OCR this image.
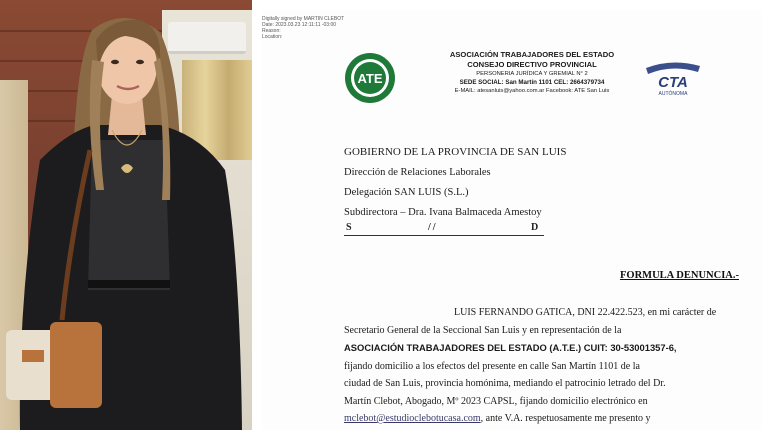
Digitally signed by MARTIN CLEBOT
Date: 2023.03.23 12:11:11 -03:00
Reason:
Location:
ATE
ASOCIACIÓN TRABAJADORES DEL ESTADO
CONSEJO DIRECTIVO PROVINCIAL
PERSONERIA JURÍDICA Y GREMIAL N° 2
SEDE SOCIAL: San Martín 1101 CEL: 2664379734
E-MAIL: atesanluis@yahoo.com.ar Facebook: ATE San Luis	CTA
AUTÓNOMA
GOBIERNO DE LA PROVINCIA DE SAN LUIS
Dirección de Relaciones Laborales
Delegación SAN LUIS (S.L.)
Subdirectora – Dra. Ivana Balmaceda Amestoy
S	//	D
FORMULA DENUNCIA.-
LUIS FERNANDO GATICA, DNI 22.422.523, en mi carácter de
Secretario General de la Seccional San Luis y en representación de la
ASOCIACIÓN TRABAJADORES DEL ESTADO (A.T.E.) CUIT: 30-53001357-6,
fijando domicilio a los efectos del presente en calle San Martín 1101 de la
ciudad de San Luis, provincia homónima, mediando el patrocinio letrado del Dr.
Martín Clebot, Abogado, Mº 2023 CAPSL, fijando domicilio electrónico en
mclebot@estudioclebotucasa.com, ante V.A. respetuosamente me presento y
